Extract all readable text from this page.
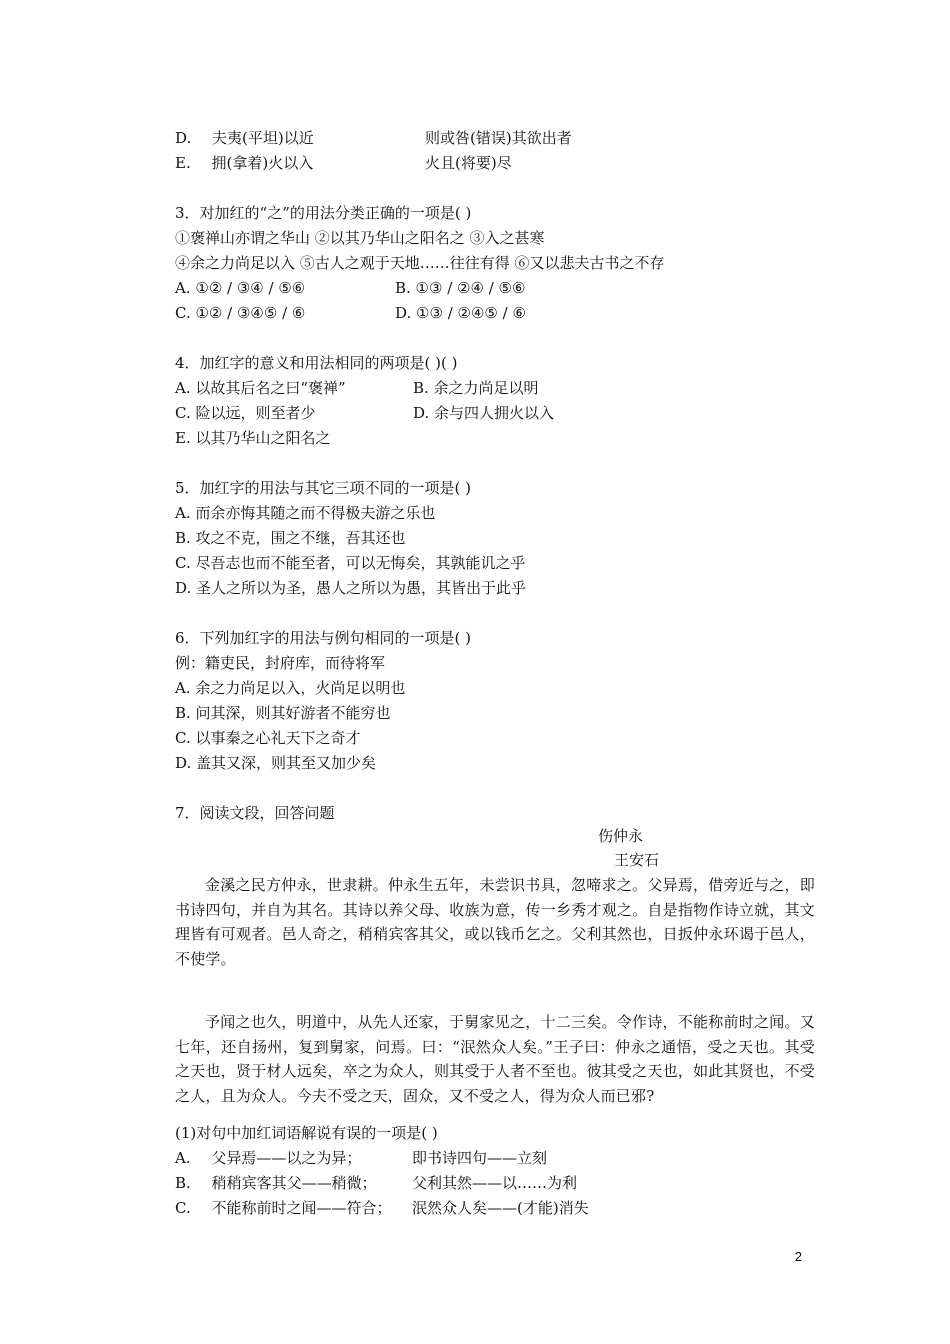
D. 夫夷(平坦)以近	则或咎(错误)其欲出者
E. 拥(拿着)火以入	火且(将要)尽
3．对加红的“之”的用法分类正确的一项是( )
①褒禅山亦谓之华山 ②以其乃华山之阳名之 ③入之甚寒
④余之力尚足以入 ⑤古人之观于天地……往往有得 ⑥又以悲夫古书之不存
A. ①② / ③④ / ⑤⑥	B. ①③ / ②④ / ⑤⑥
C. ①② / ③④⑤ / ⑥	D. ①③ / ②④⑤ / ⑥
4．加红字的意义和用法相同的两项是( )( )
A. 以故其后名之曰“褒禅”	B. 余之力尚足以明
C. 险以远，则至者少	D. 余与四人拥火以入
E. 以其乃华山之阳名之
5．加红字的用法与其它三项不同的一项是( )
A. 而余亦悔其随之而不得极夫游之乐也
B. 攻之不克，围之不继，吾其还也
C. 尽吾志也而不能至者，可以无悔矣，其孰能讥之乎
D. 圣人之所以为圣，愚人之所以为愚，其皆出于此乎
6．下列加红字的用法与例句相同的一项是( )
例：籍吏民，封府库，而待将军
A. 余之力尚足以入，火尚足以明也
B. 问其深，则其好游者不能穷也
C. 以事秦之心礼天下之奇才
D. 盖其又深，则其至又加少矣
7．阅读文段，回答问题
伤仲永
王安石
金溪之民方仲永，世隶耕。仲永生五年，未尝识书具，忽啼求之。父异焉，借旁近与之，即书诗四句，并自为其名。其诗以养父母、收族为意，传一乡秀才观之。自是指物作诗立就，其文理皆有可观者。邑人奇之，稍稍宾客其父，或以钱币乞之。父利其然也，日扳仲永环谒于邑人，不使学。
予闻之也久，明道中，从先人还家，于舅家见之，十二三矣。令作诗，不能称前时之闻。又七年，还自扬州，复到舅家，问焉。曰：“泯然众人矣。”王子曰：仲永之通悟，受之天也。其受之天也，贤于材人远矣，卒之为众人，则其受于人者不至也。彼其受之天也，如此其贤也，不受之人，且为众人。今夫不受之天，固众，又不受之人，得为众人而已邪?
(1)对句中加红词语解说有误的一项是( )
A. 父异焉——以之为异；	即书诗四句——立刻
B. 稍稍宾客其父——稍微； 父利其然——以……为利
C. 不能称前时之闻——符合； 泯然众人矣——(才能)消失
2
